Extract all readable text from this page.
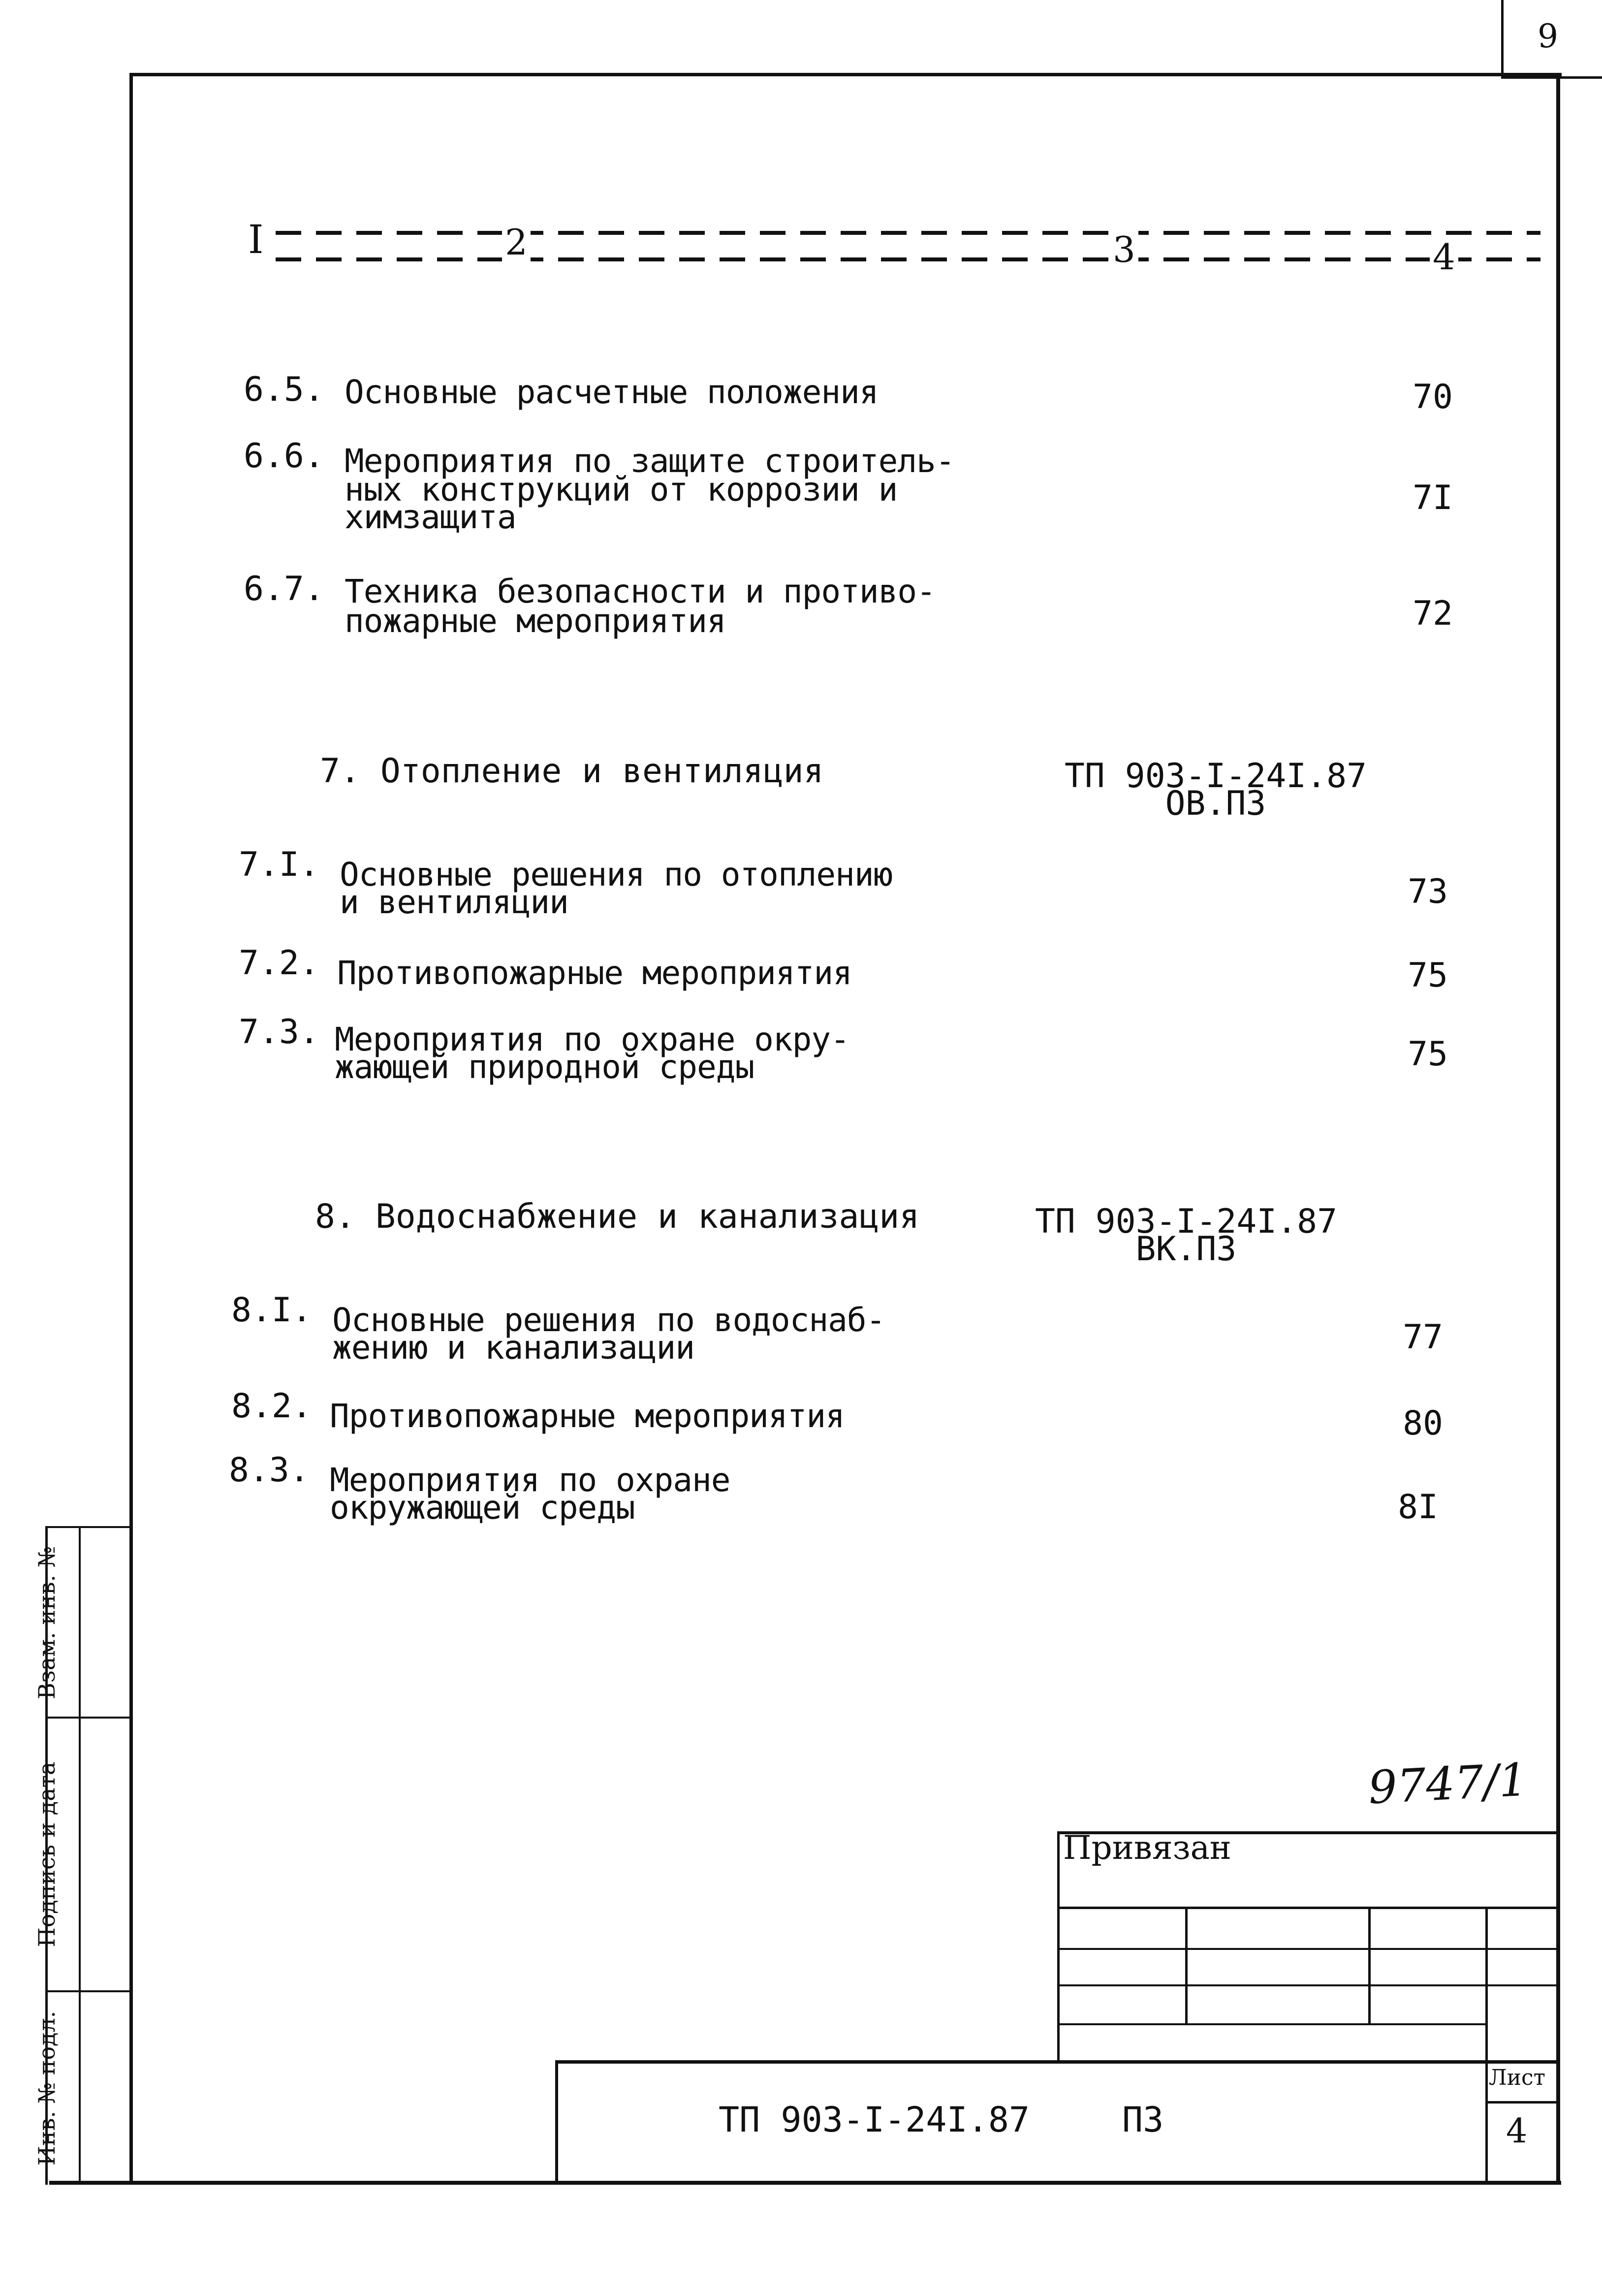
9
I	2	3	4
6.5. Основные расчетные положения	70
6.6. Мероприятия по защите строитель-
ных конструкций от коррозии и
химзащита	7I
6.7. Техника безопасности и противо-
пожарные мероприятия	72
7. Отопление и вентиляция	ТП 903-I-24I.87
ОВ.ПЗ
7.I. Основные решения по отоплению
и вентиляции	73
7.2. Противопожарные мероприятия	75
7.3. Мероприятия по охране окру-
жающей природной среды	75
8. Водоснабжение и канализация	ТП 903-I-24I.87
ВК.ПЗ
8.I. Основные решения по водоснаб-
жению и канализации	77
8.2. Противопожарные мероприятия	80
8.3. Мероприятия по охране
окружающей среды	8I
9747/1
Взам. инв. №
Подпись и дата
Инв. № подл.
Привязан
Лист
4
ТП 903-I-24I.87	ПЗ
